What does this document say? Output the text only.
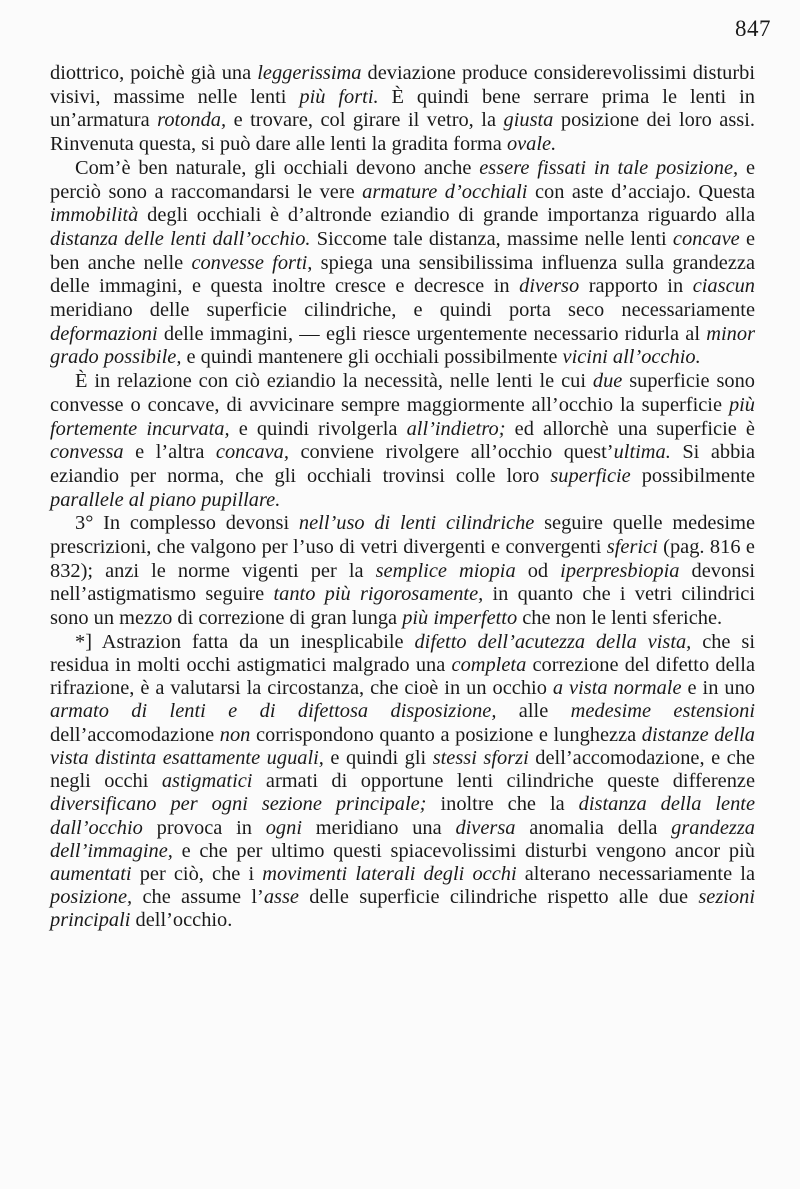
847

diottrico, poichè già una leggerissima deviazione produce considerevolissimi disturbi visivi, massime nelle lenti più forti. È quindi bene serrare prima le lenti in un’armatura rotonda, e trovare, col girare il vetro, la giusta posizione dei loro assi. Rinvenuta questa, si può dare alle lenti la gradita forma ovale.

Com’è ben naturale, gli occhiali devono anche essere fissati in tale posizione, e perciò sono a raccomandarsi le vere armature d’occhiali con aste d’acciajo. Questa immobilità degli occhiali è d’altronde eziandio di grande importanza riguardo alla distanza delle lenti dall’occhio. Siccome tale distanza, massime nelle lenti concave e ben anche nelle convesse forti, spiega una sensibilissima influenza sulla grandezza delle immagini, e questa inoltre cresce e decresce in diverso rapporto in ciascun meridiano delle superficie cilindriche, e quindi porta seco necessariamente deformazioni delle immagini, — egli riesce urgentemente necessario ridurla al minor grado possibile, e quindi mantenere gli occhiali possibilmente vicini all’occhio.

È in relazione con ciò eziandio la necessità, nelle lenti le cui due superficie sono convesse o concave, di avvicinare sempre maggiormente all’occhio la superficie più fortemente incurvata, e quindi rivolgerla all’indietro; ed allorchè una superficie è convessa e l’altra concava, conviene rivolgere all’occhio quest’ultima. Si abbia eziandio per norma, che gli occhiali trovinsi colle loro superficie possibilmente parallele al piano pupillare.

3° In complesso devonsi nell’uso di lenti cilindriche seguire quelle medesime prescrizioni, che valgono per l’uso di vetri divergenti e convergenti sferici (pag. 816 e 832); anzi le norme vigenti per la semplice miopia od iperpresbiopia devonsi nell’astigmatismo seguire tanto più rigorosamente, in quanto che i vetri cilindrici sono un mezzo di correzione di gran lunga più imperfetto che non le lenti sferiche.

*] Astrazion fatta da un inesplicabile difetto dell’acutezza della vista, che si residua in molti occhi astigmatici malgrado una completa correzione del difetto della rifrazione, è a valutarsi la circostanza, che cioè in un occhio a vista normale e in uno armato di lenti e di difettosa disposizione, alle medesime estensioni dell’accomodazione non corrispondono quanto a posizione e lunghezza distanze della vista distinta esattamente uguali, e quindi gli stessi sforzi dell’accomodazione, e che negli occhi astigmatici armati di opportune lenti cilindriche queste differenze diversificano per ogni sezione principale; inoltre che la distanza della lente dall’occhio provoca in ogni meridiano una diversa anomalia della grandezza dell’immagine, e che per ultimo questi spiacevolissimi disturbi vengono ancor più aumentati per ciò, che i movimenti laterali degli occhi alterano necessariamente la posizione, che assume l’asse delle superficie cilindriche rispetto alle due sezioni principali dell’occhio.
